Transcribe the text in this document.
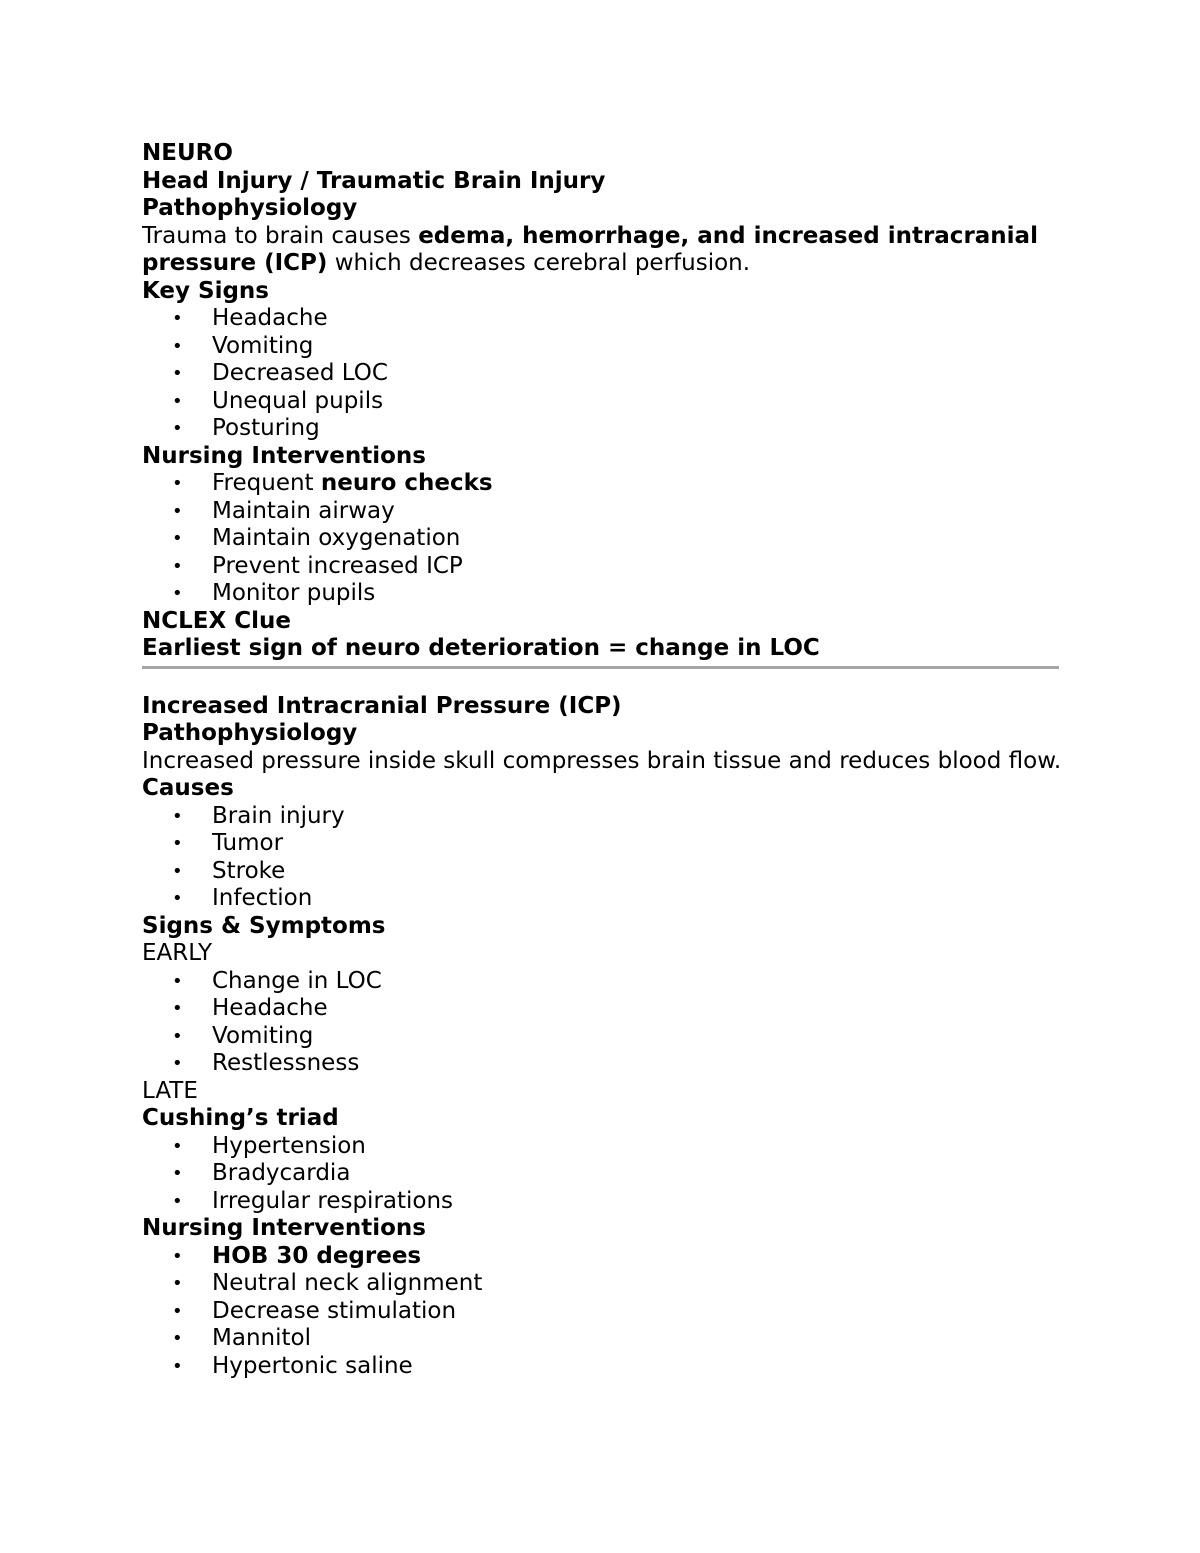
NEURO
Head Injury / Traumatic Brain Injury
Pathophysiology
Trauma to brain causes edema, hemorrhage, and increased intracranial pressure (ICP) which decreases cerebral perfusion.
Key Signs
• Headache
• Vomiting
• Decreased LOC
• Unequal pupils
• Posturing
Nursing Interventions
• Frequent neuro checks
• Maintain airway
• Maintain oxygenation
• Prevent increased ICP
• Monitor pupils
NCLEX Clue
Earliest sign of neuro deterioration = change in LOC
Increased Intracranial Pressure (ICP)
Pathophysiology
Increased pressure inside skull compresses brain tissue and reduces blood flow.
Causes
• Brain injury
• Tumor
• Stroke
• Infection
Signs & Symptoms
EARLY
• Change in LOC
• Headache
• Vomiting
• Restlessness
LATE
Cushing’s triad
• Hypertension
• Bradycardia
• Irregular respirations
Nursing Interventions
• HOB 30 degrees
• Neutral neck alignment
• Decrease stimulation
• Mannitol
• Hypertonic saline
